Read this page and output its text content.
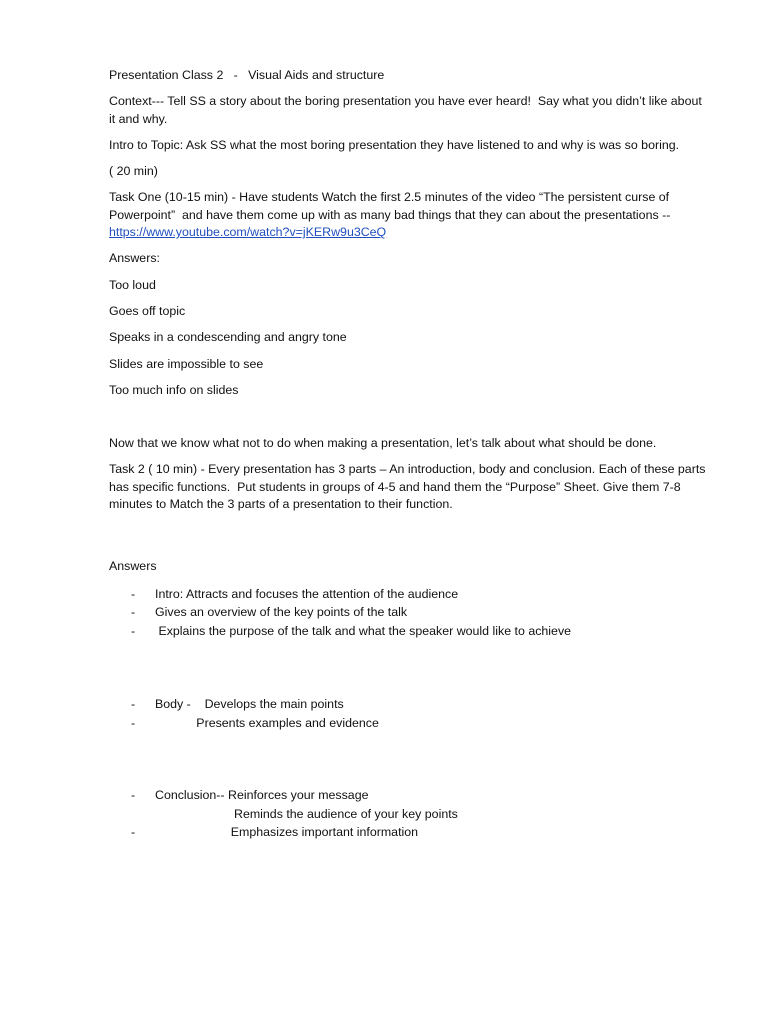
Presentation Class 2   -   Visual Aids and structure

Context--- Tell SS a story about the boring presentation you have ever heard!  Say what you didn’t like about it and why.

Intro to Topic: Ask SS what the most boring presentation they have listened to and why is was so boring.

( 20 min)

Task One (10-15 min) - Have students Watch the first 2.5 minutes of the video “The persistent curse of Powerpoint”  and have them come up with as many bad things that they can about the presentations --
https://www.youtube.com/watch?v=jKERw9u3CeQ

Answers:

Too loud

Goes off topic

Speaks in a condescending and angry tone

Slides are impossible to see

Too much info on slides

Now that we know what not to do when making a presentation, let’s talk about what should be done.

Task 2 ( 10 min) - Every presentation has 3 parts – An introduction, body and conclusion. Each of these parts has specific functions.  Put students in groups of 4-5 and hand them the “Purpose” Sheet. Give them 7-8 minutes to Match the 3 parts of a presentation to their function.

Answers

- Intro: Attracts and focuses the attention of the audience
- Gives an overview of the key points of the talk
- Explains the purpose of the talk and what the speaker would like to achieve
- Body -    Develops the main points
- Presents examples and evidence
- Conclusion-- Reinforces your message
Reminds the audience of your key points
- Emphasizes important information
